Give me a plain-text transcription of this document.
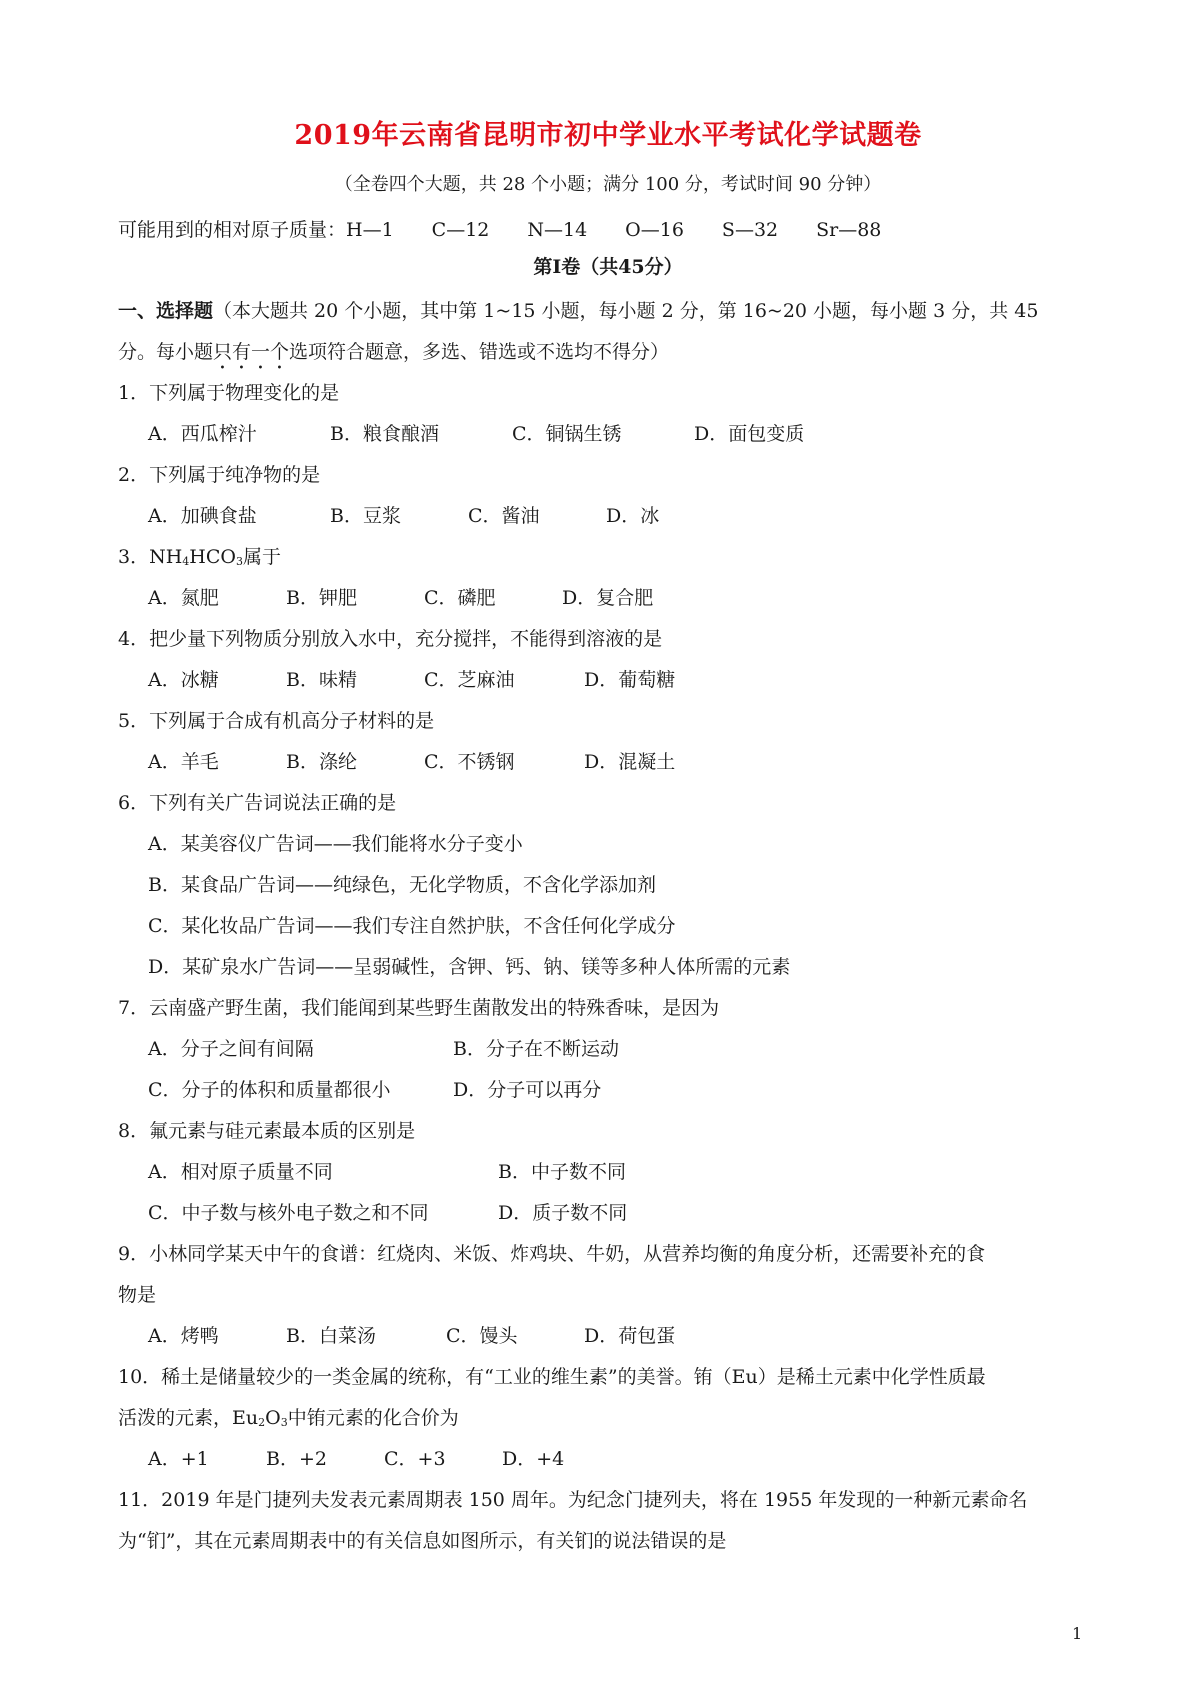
2019年云南省昆明市初中学业水平考试化学试题卷
（全卷四个大题，共 28 个小题；满分 100 分，考试时间 90 分钟）
可能用到的相对原子质量：H—1　　C—12　　N—14　　O—16　　S—32　　Sr—88
第Ⅰ卷（共45分）
一、选择题（本大题共 20 个小题，其中第 1~15 小题，每小题 2 分，第 16~20 小题，每小题 3 分，共 45
分。每小题只有一个选项符合题意，多选、错选或不选均不得分）
1．下列属于物理变化的是
A．西瓜榨汁	B．粮食酿酒	C．铜锅生锈	D．面包变质
2．下列属于纯净物的是
A．加碘食盐	B．豆浆	C．酱油	D．冰
3．$NH_4HCO_3$属于
A．氮肥	B．钾肥	C．磷肥	D．复合肥
4．把少量下列物质分别放入水中，充分搅拌，不能得到溶液的是
A．冰糖	B．味精	C．芝麻油	D．葡萄糖
5．下列属于合成有机高分子材料的是
A．羊毛	B．涤纶	C．不锈钢	D．混凝土
6．下列有关广告词说法正确的是
A．某美容仪广告词——我们能将水分子变小
B．某食品广告词——纯绿色，无化学物质，不含化学添加剂
C．某化妆品广告词——我们专注自然护肤，不含任何化学成分
D．某矿泉水广告词——呈弱碱性，含钾、钙、钠、镁等多种人体所需的元素
7．云南盛产野生菌，我们能闻到某些野生菌散发出的特殊香味，是因为
A．分子之间有间隔	B．分子在不断运动
C．分子的体积和质量都很小	D．分子可以再分
8．氟元素与硅元素最本质的区别是
A．相对原子质量不同	B．中子数不同
C．中子数与核外电子数之和不同	D．质子数不同
9．小林同学某天中午的食谱：红烧肉、米饭、炸鸡块、牛奶，从营养均衡的角度分析，还需要补充的食
物是
A．烤鸭	B．白菜汤	C．馒头	D．荷包蛋
10．稀土是储量较少的一类金属的统称，有“工业的维生素”的美誉。铕（Eu）是稀土元素中化学性质最
活泼的元素，$Eu_2O_3$中铕元素的化合价为
A．+1	B．+2	C．+3	D．+4
11．2019 年是门捷列夫发表元素周期表 150 周年。为纪念门捷列夫，将在 1955 年发现的一种新元素命名
为“钔”，其在元素周期表中的有关信息如图所示，有关钔的说法错误的是
1
